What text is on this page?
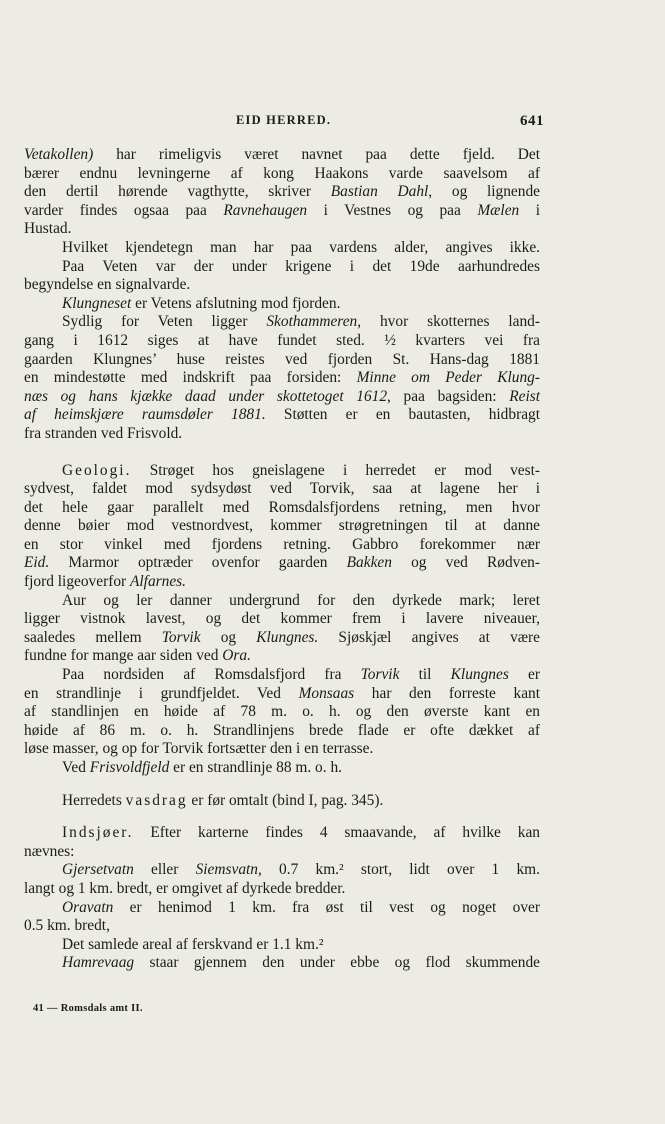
EID HERRED.	641
Vetakollen) har rimeligvis været navnet paa dette fjeld. Det
bærer endnu levningerne af kong Haakons varde saavelsom af
den dertil hørende vagthytte, skriver Bastian Dahl, og lignende
varder findes ogsaa paa Ravnehaugen i Vestnes og paa Mælen i
Hustad.
Hvilket kjendetegn man har paa vardens alder, angives ikke.
Paa Veten var der under krigene i det 19de aarhundredes
begyndelse en signalvarde.
Klungneset er Vetens afslutning mod fjorden.
Sydlig for Veten ligger Skothammeren, hvor skotternes land-
gang i 1612 siges at have fundet sted. ½ kvarters vei fra
gaarden Klungnes’ huse reistes ved fjorden St. Hans-dag 1881
en mindestøtte med indskrift paa forsiden: Minne om Peder Klung-
næs og hans kjække daad under skottetoget 1612, paa bagsiden: Reist
af heimskjære raumsdøler 1881. Støtten er en bautasten, hidbragt
fra stranden ved Frisvold.
Geologi. Strøget hos gneislagene i herredet er mod vest-
sydvest, faldet mod sydsydøst ved Torvik, saa at lagene her i
det hele gaar parallelt med Romsdalsfjordens retning, men hvor
denne bøier mod vestnordvest, kommer strøgretningen til at danne
en stor vinkel med fjordens retning. Gabbro forekommer nær
Eid. Marmor optræder ovenfor gaarden Bakken og ved Rødven-
fjord ligeoverfor Alfarnes.
Aur og ler danner undergrund for den dyrkede mark; leret
ligger vistnok lavest, og det kommer frem i lavere niveauer,
saaledes mellem Torvik og Klungnes. Sjøskjæl angives at være
fundne for mange aar siden ved Ora.
Paa nordsiden af Romsdalsfjord fra Torvik til Klungnes er
en strandlinje i grundfjeldet. Ved Monsaas har den forreste kant
af standlinjen en høide af 78 m. o. h. og den øverste kant en
høide af 86 m. o. h. Strandlinjens brede flade er ofte dækket af
løse masser, og op for Torvik fortsætter den i en terrasse.
Ved Frisvoldfjeld er en strandlinje 88 m. o. h.
Herredets vasdrag er før omtalt (bind I, pag. 345).
Indsjøer. Efter karterne findes 4 smaavande, af hvilke kan
nævnes:
Gjersetvatn eller Siemsvatn, 0.7 km.² stort, lidt over 1 km.
langt og 1 km. bredt, er omgivet af dyrkede bredder.
Oravatn er henimod 1 km. fra øst til vest og noget over
0.5 km. bredt,
Det samlede areal af ferskvand er 1.1 km.²
Hamrevaag staar gjennem den under ebbe og flod skummende
41 — Romsdals amt II.
